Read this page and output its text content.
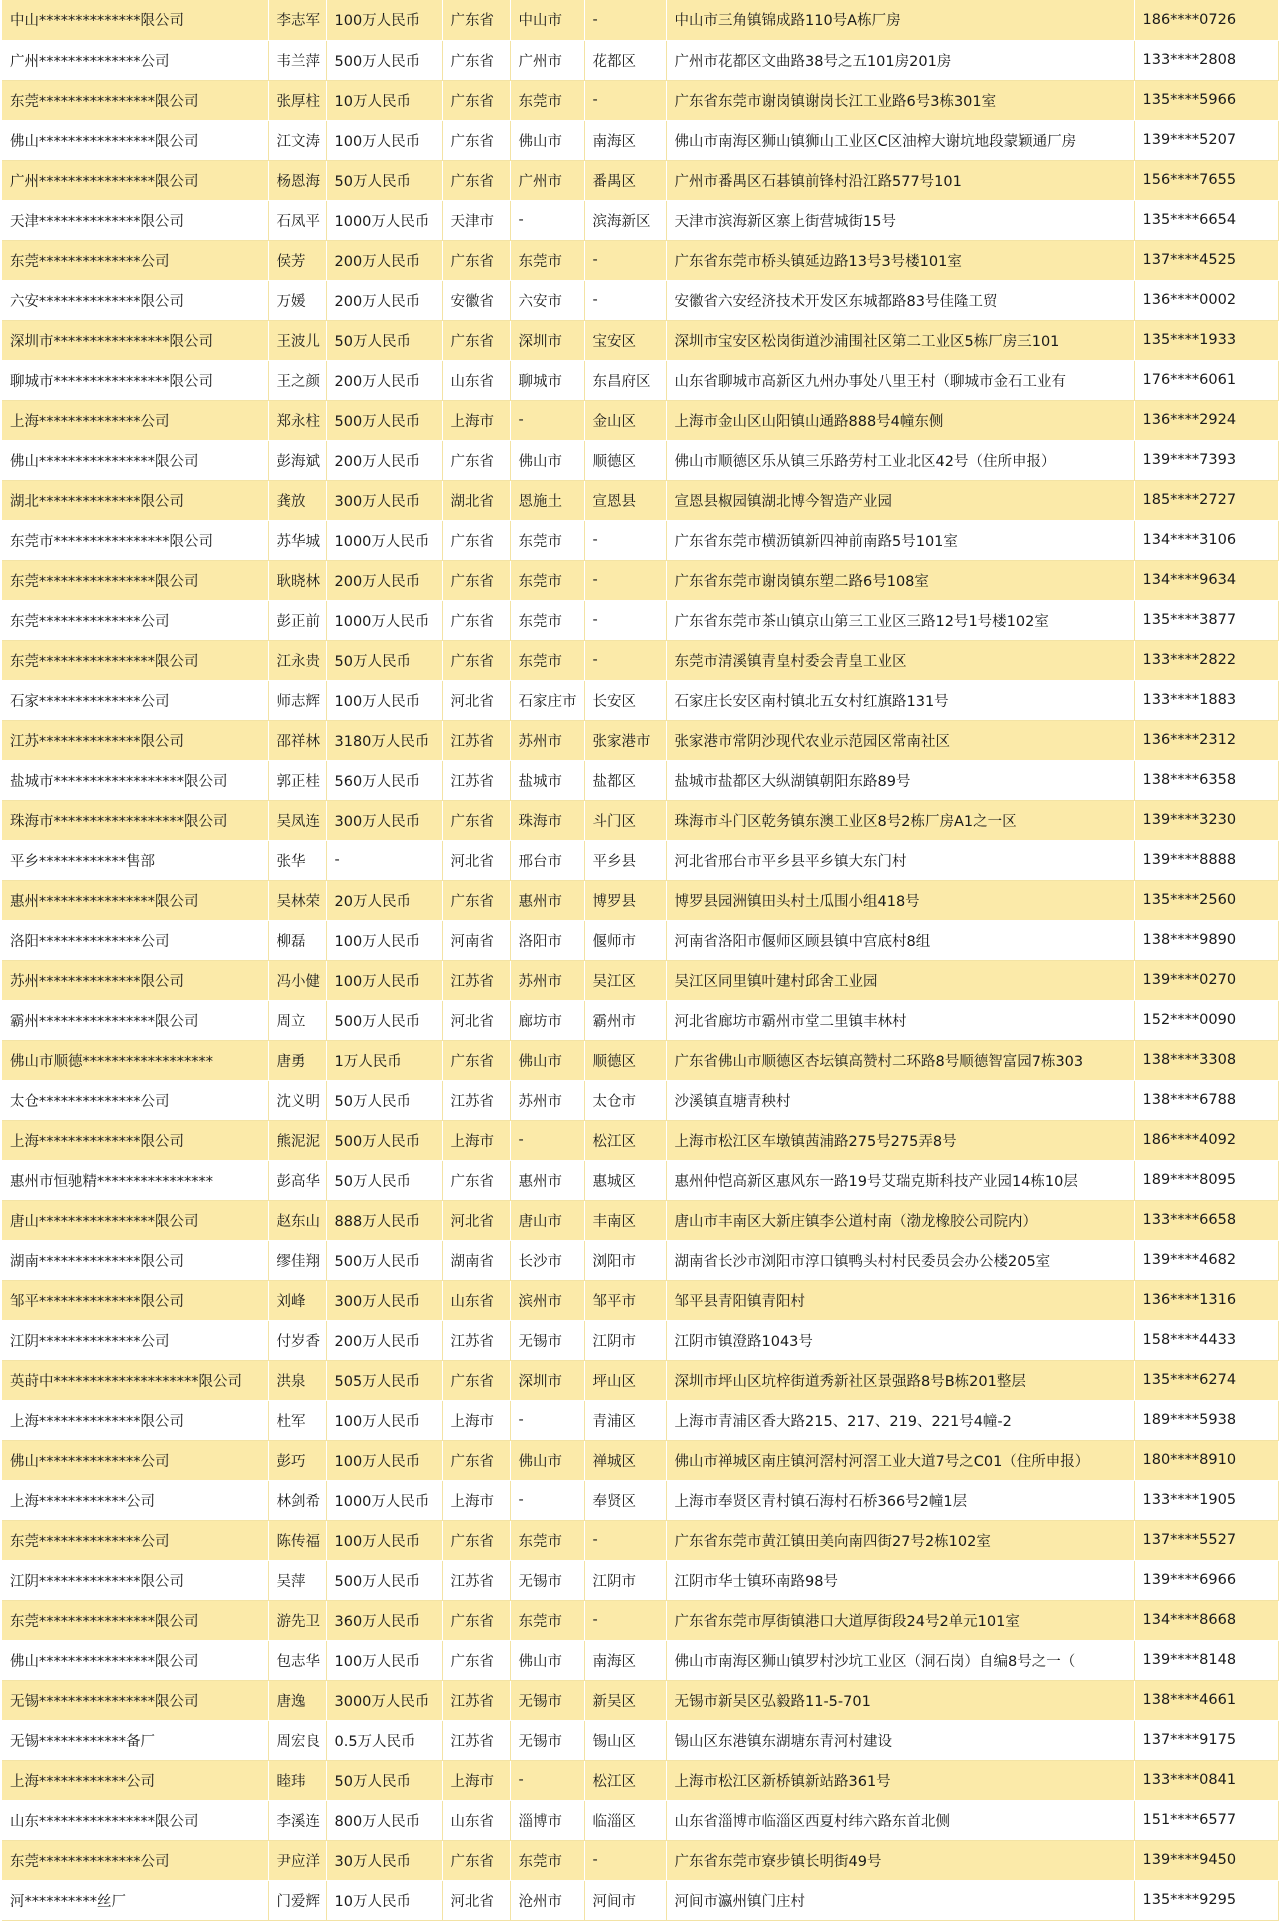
中山**************限公司	李志军	100万人民币	广东省	中山市	-	中山市三角镇锦成路110号A栋厂房	186****0726
广州**************公司	韦兰萍	500万人民币	广东省	广州市	花都区	广州市花都区文曲路38号之五101房201房	133****2808
东莞****************限公司	张厚柱	10万人民币	广东省	东莞市	-	广东省东莞市谢岗镇谢岗长江工业路6号3栋301室	135****5966
佛山****************限公司	江文涛	100万人民币	广东省	佛山市	南海区	佛山市南海区狮山镇狮山工业区C区油榨大谢坑地段蒙颖通厂房	139****5207
广州****************限公司	杨恩海	50万人民币	广东省	广州市	番禺区	广州市番禺区石碁镇前锋村沿江路577号101	156****7655
天津**************限公司	石凤平	1000万人民币	天津市	-	滨海新区	天津市滨海新区寨上街营城街15号	135****6654
东莞**************公司	侯芳	200万人民币	广东省	东莞市	-	广东省东莞市桥头镇延边路13号3号楼101室	137****4525
六安**************限公司	万媛	200万人民币	安徽省	六安市	-	安徽省六安经济技术开发区东城都路83号佳隆工贸	136****0002
深圳市****************限公司	王波儿	50万人民币	广东省	深圳市	宝安区	深圳市宝安区松岗街道沙浦围社区第二工业区5栋厂房三101	135****1933
聊城市****************限公司	王之颜	200万人民币	山东省	聊城市	东昌府区	山东省聊城市高新区九州办事处八里王村（聊城市金石工业有	176****6061
上海**************公司	郑永柱	500万人民币	上海市	-	金山区	上海市金山区山阳镇山通路888号4幢东侧	136****2924
佛山****************限公司	彭海斌	200万人民币	广东省	佛山市	顺德区	佛山市顺德区乐从镇三乐路劳村工业北区42号（住所申报）	139****7393
湖北**************限公司	龚放	300万人民币	湖北省	恩施土	宣恩县	宣恩县椒园镇湖北博今智造产业园	185****2727
东莞市****************限公司	苏华城	1000万人民币	广东省	东莞市	-	广东省东莞市横沥镇新四神前南路5号101室	134****3106
东莞****************限公司	耿晓林	200万人民币	广东省	东莞市	-	广东省东莞市谢岗镇东塑二路6号108室	134****9634
东莞**************公司	彭正前	1000万人民币	广东省	东莞市	-	广东省东莞市茶山镇京山第三工业区三路12号1号楼102室	135****3877
东莞****************限公司	江永贵	50万人民币	广东省	东莞市	-	东莞市清溪镇青皇村委会青皇工业区	133****2822
石家**************公司	师志辉	100万人民币	河北省	石家庄市	长安区	石家庄长安区南村镇北五女村红旗路131号	133****1883
江苏**************限公司	邵祥林	3180万人民币	江苏省	苏州市	张家港市	张家港市常阴沙现代农业示范园区常南社区	136****2312
盐城市******************限公司	郭正桂	560万人民币	江苏省	盐城市	盐都区	盐城市盐都区大纵湖镇朝阳东路89号	138****6358
珠海市******************限公司	吴凤连	300万人民币	广东省	珠海市	斗门区	珠海市斗门区乾务镇东澳工业区8号2栋厂房A1之一区	139****3230
平乡************售部	张华	-	河北省	邢台市	平乡县	河北省邢台市平乡县平乡镇大东门村	139****8888
惠州****************限公司	吴林荣	20万人民币	广东省	惠州市	博罗县	博罗县园洲镇田头村土瓜围小组418号	135****2560
洛阳**************公司	柳磊	100万人民币	河南省	洛阳市	偃师市	河南省洛阳市偃师区顾县镇中宫底村8组	138****9890
苏州**************限公司	冯小健	100万人民币	江苏省	苏州市	吴江区	吴江区同里镇叶建村邱舍工业园	139****0270
霸州****************限公司	周立	500万人民币	河北省	廊坊市	霸州市	河北省廊坊市霸州市堂二里镇丰林村	152****0090
佛山市顺德******************	唐勇	1万人民币	广东省	佛山市	顺德区	广东省佛山市顺德区杏坛镇高赞村二环路8号顺德智富园7栋303	138****3308
太仓**************公司	沈义明	50万人民币	江苏省	苏州市	太仓市	沙溪镇直塘青秧村	138****6788
上海**************限公司	熊泥泥	500万人民币	上海市	-	松江区	上海市松江区车墩镇茜浦路275号275弄8号	186****4092
惠州市恒驰精****************	彭高华	50万人民币	广东省	惠州市	惠城区	惠州仲恺高新区惠风东一路19号艾瑞克斯科技产业园14栋10层	189****8095
唐山****************限公司	赵东山	888万人民币	河北省	唐山市	丰南区	唐山市丰南区大新庄镇李公道村南（渤龙橡胶公司院内）	133****6658
湖南**************限公司	缪佳翔	500万人民币	湖南省	长沙市	浏阳市	湖南省长沙市浏阳市淳口镇鸭头村村民委员会办公楼205室	139****4682
邹平**************限公司	刘峰	300万人民币	山东省	滨州市	邹平市	邹平县青阳镇青阳村	136****1316
江阴**************公司	付岁香	200万人民币	江苏省	无锡市	江阴市	江阴市镇澄路1043号	158****4433
英莳中********************限公司	洪泉	505万人民币	广东省	深圳市	坪山区	深圳市坪山区坑梓街道秀新社区景强路8号B栋201整层	135****6274
上海**************限公司	杜军	100万人民币	上海市	-	青浦区	上海市青浦区香大路215、217、219、221号4幢-2	189****5938
佛山**************公司	彭巧	100万人民币	广东省	佛山市	禅城区	佛山市禅城区南庄镇河滘村河滘工业大道7号之C01（住所申报）	180****8910
上海************公司	林剑希	1000万人民币	上海市	-	奉贤区	上海市奉贤区青村镇石海村石桥366号2幢1层	133****1905
东莞**************公司	陈传福	100万人民币	广东省	东莞市	-	广东省东莞市黄江镇田美向南四街27号2栋102室	137****5527
江阴**************限公司	吴萍	500万人民币	江苏省	无锡市	江阴市	江阴市华士镇环南路98号	139****6966
东莞****************限公司	游先卫	360万人民币	广东省	东莞市	-	广东省东莞市厚街镇港口大道厚街段24号2单元101室	134****8668
佛山****************限公司	包志华	100万人民币	广东省	佛山市	南海区	佛山市南海区狮山镇罗村沙坑工业区（洞石岗）自编8号之一（	139****8148
无锡****************限公司	唐逸	3000万人民币	江苏省	无锡市	新吴区	无锡市新吴区弘毅路11-5-701	138****4661
无锡************备厂	周宏良	0.5万人民币	江苏省	无锡市	锡山区	锡山区东港镇东湖塘东青河村建设	137****9175
上海************公司	睦玮	50万人民币	上海市	-	松江区	上海市松江区新桥镇新站路361号	133****0841
山东****************限公司	李溪连	800万人民币	山东省	淄博市	临淄区	山东省淄博市临淄区西夏村纬六路东首北侧	151****6577
东莞**************公司	尹应洋	30万人民币	广东省	东莞市	-	广东省东莞市寮步镇长明街49号	139****9450
河**********丝厂	门爱辉	10万人民币	河北省	沧州市	河间市	河间市瀛州镇门庄村	135****9295
